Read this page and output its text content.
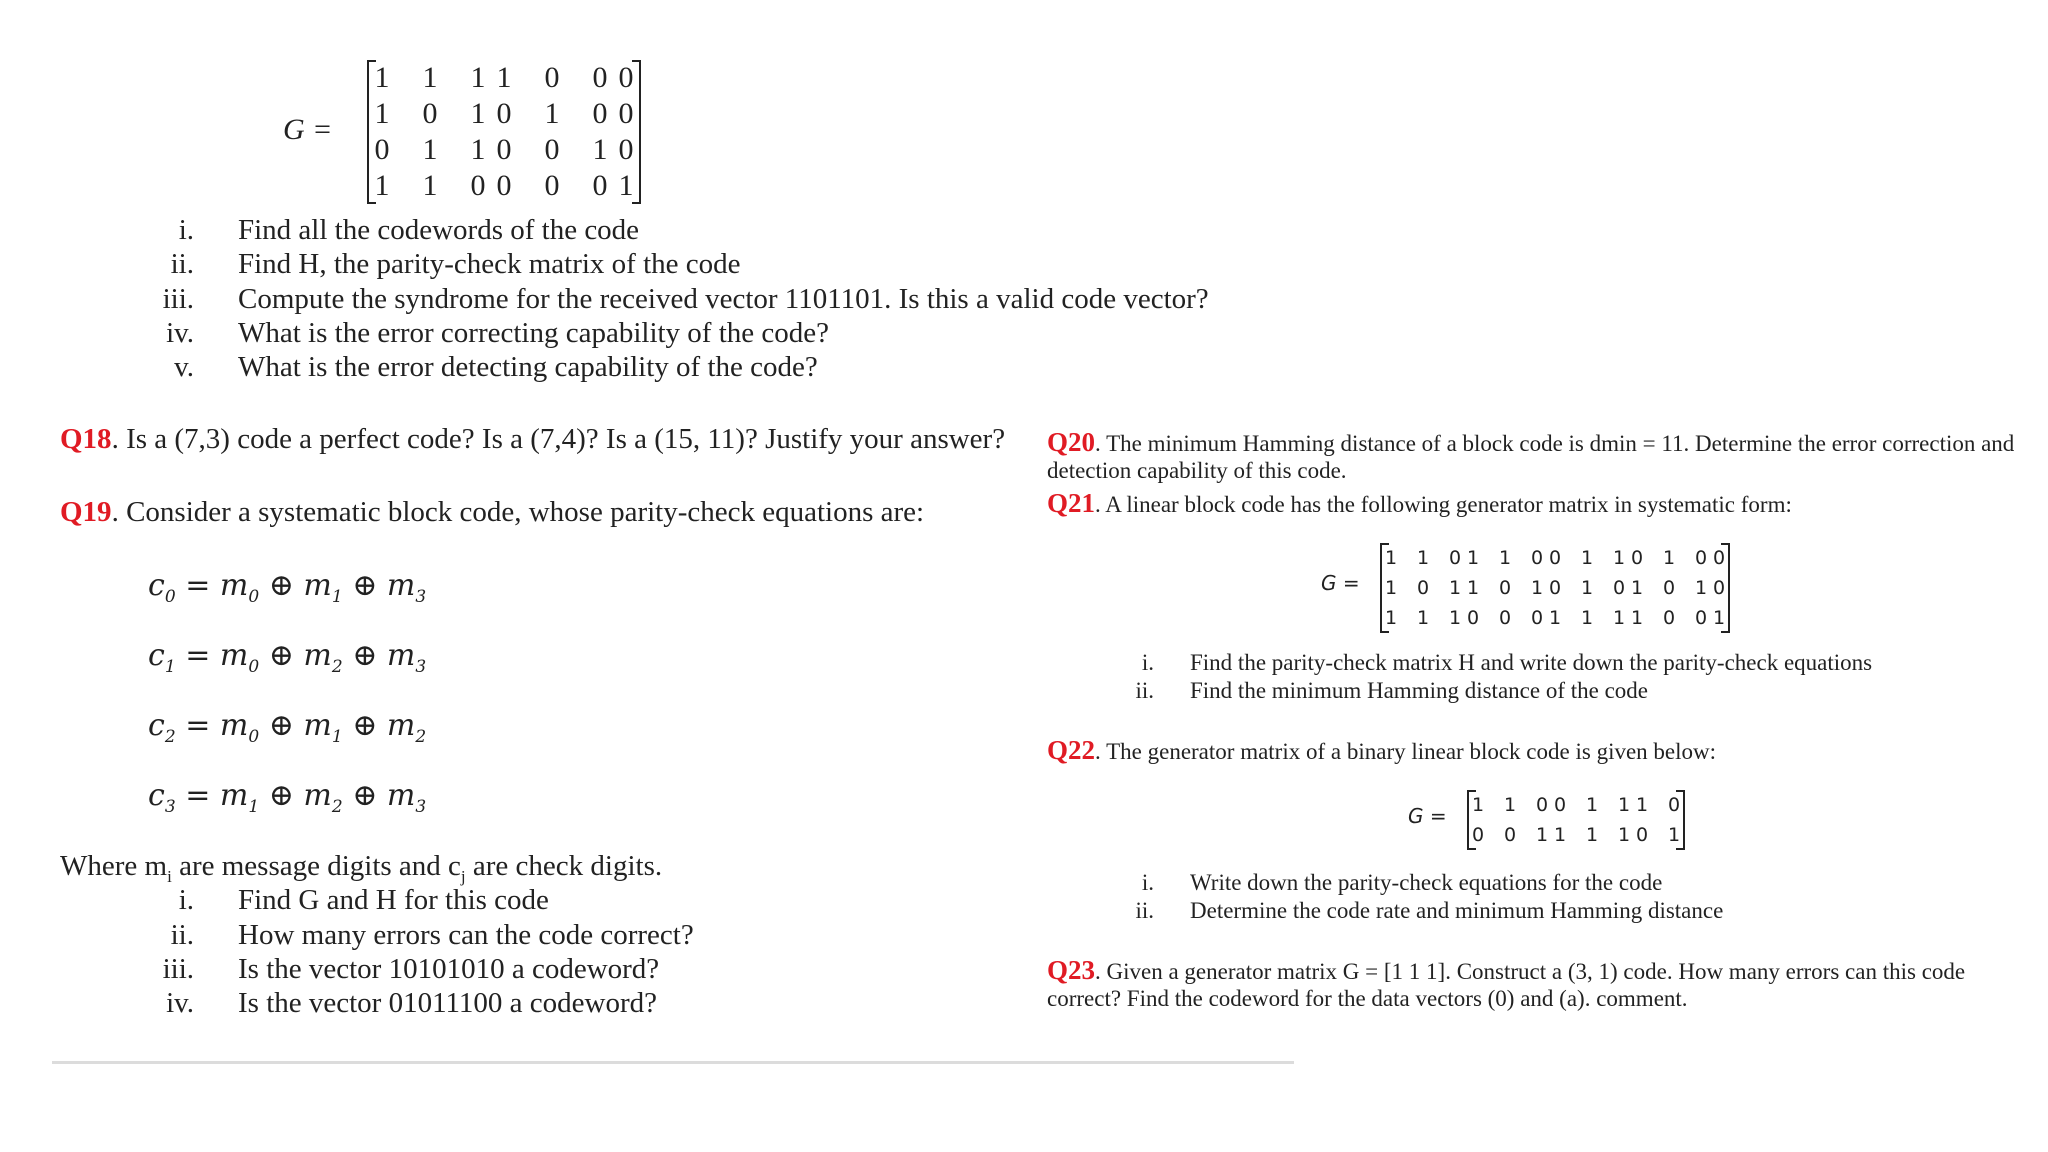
G =
1		1		1	1		0		0	0
1		0		1	0		1		0	0
0		1		1	0		0		1	0
1		1		0	0		0		0	1
i. Find all the codewords of the code
ii. Find H, the parity-check matrix of the code
iii. Compute the syndrome for the received vector 1101101. Is this a valid code vector?
iv. What is the error correcting capability of the code?
v. What is the error detecting capability of the code?
Q18. Is a (7,3) code a perfect code? Is a (7,4)? Is a (15, 11)? Justify your answer?
Q19. Consider a systematic block code, whose parity-check equations are:
$c_0 = m_0$ ⊕ $m_1$ ⊕ $m_3$
$c_1 = m_0$ ⊕ $m_2$ ⊕ $m_3$
$c_2 = m_0$ ⊕ $m_1$ ⊕ $m_2$
$c_3 = m_1$ ⊕ $m_2$ ⊕ $m_3$
Where $m_i$ are message digits and $c_j$ are check digits.
i. Find G and H for this code
ii. How many errors can the code correct?
iii. Is the vector 10101010 a codeword?
iv. Is the vector 01011100 a codeword?
Q20. The minimum Hamming distance of a block code is dmin = 11. Determine the error correction and
detection capability of this code.
Q21. A linear block code has the following generator matrix in systematic form:
G =
1		1		0	1		1		0	0		1		1	0		1		0	0
1		0		1	1		0		1	0		1		0	1		0		1	0
1		1		1	0		0		0	1		1		1	1		0		0	1
i. Find the parity-check matrix H and write down the parity-check equations
ii. Find the minimum Hamming distance of the code
Q22. The generator matrix of a binary linear block code is given below:
G = 1		1		0	0		1		1	1		0
0		0		1	1		1		1	0		1
i. Write down the parity-check equations for the code
ii. Determine the code rate and minimum Hamming distance
Q23. Given a generator matrix G = [1 1 1]. Construct a (3, 1) code. How many errors can this code
correct? Find the codeword for the data vectors (0) and (a). comment.
